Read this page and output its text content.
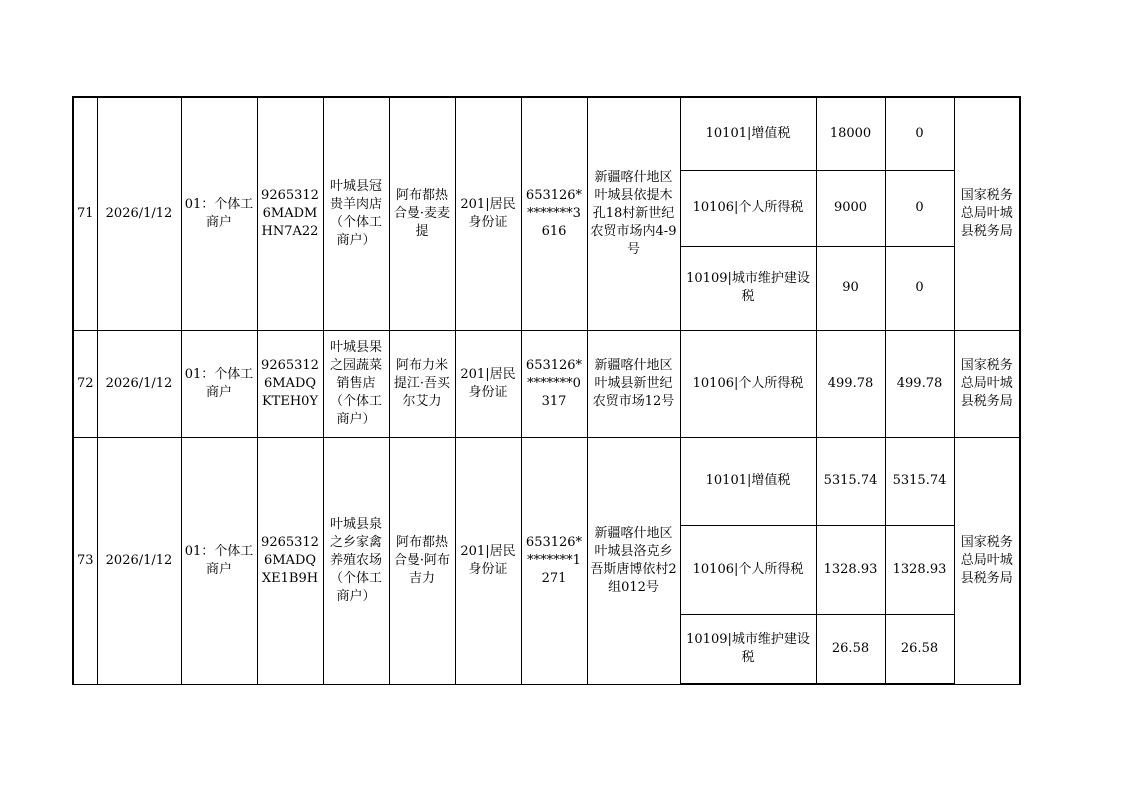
71	2026/1/12	01：个体工商户	92653126MADMHN7A22	叶城县冠贵羊肉店（个体工商户）	阿布都热合曼·麦麦提	201|居民身份证	653126********3616	新疆喀什地区叶城县依提木孔18村新世纪农贸市场内4-9号	10101|增值税	18000	0	国家税务总局叶城县税务局
									10106|个人所得税	9000	0	
									10109|城市维护建设税	90	0	
72	2026/1/12	01：个体工商户	92653126MADQKTEH0Y	叶城县果之园蔬菜销售店（个体工商户）	阿布力米提江·吾买尔艾力	201|居民身份证	653126********0317	新疆喀什地区叶城县新世纪农贸市场12号	10106|个人所得税	499.78	499.78	国家税务总局叶城县税务局
73	2026/1/12	01：个体工商户	92653126MADQXE1B9H	叶城县泉之乡家禽养殖农场（个体工商户）	阿布都热合曼·阿布吉力	201|居民身份证	653126********1271	新疆喀什地区叶城县洛克乡吾斯唐博依村2组012号	10101|增值税	5315.74	5315.74	国家税务总局叶城县税务局
									10106|个人所得税	1328.93	1328.93	
									10109|城市维护建设税	26.58	26.58	
